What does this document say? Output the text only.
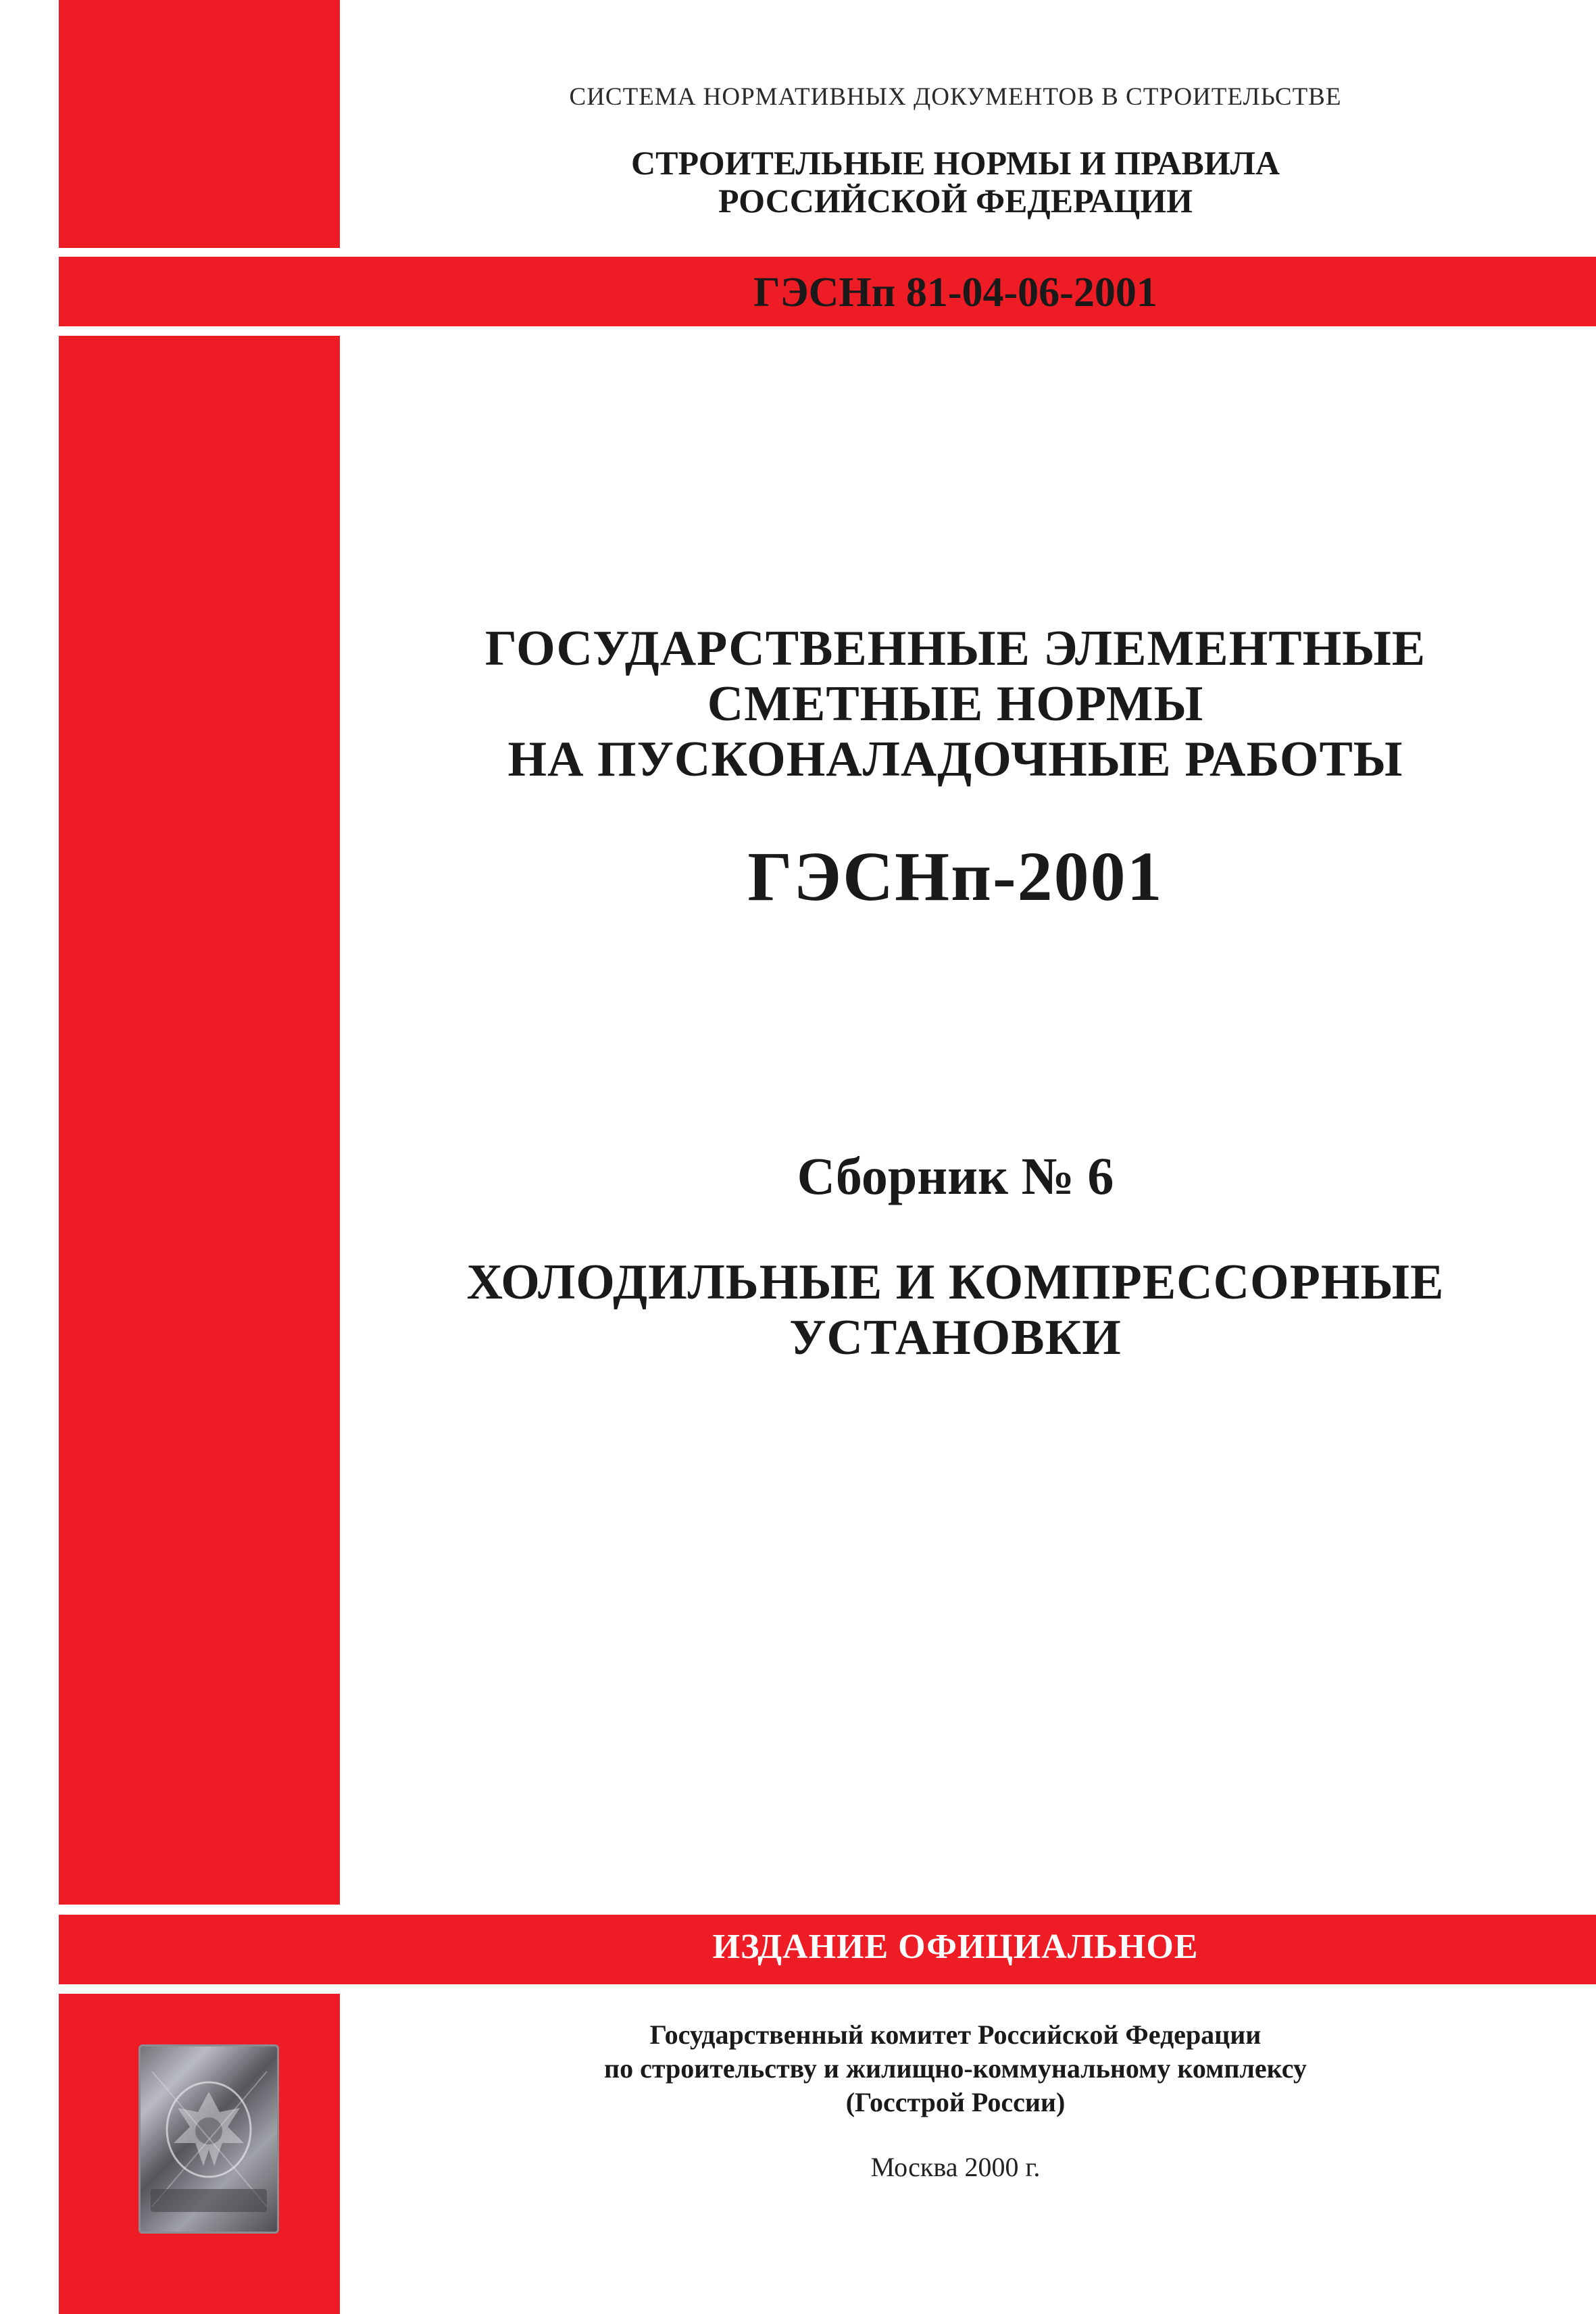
СИСТЕМА НОРМАТИВНЫХ ДОКУМЕНТОВ В СТРОИТЕЛЬСТВЕ

СТРОИТЕЛЬНЫЕ НОРМЫ И ПРАВИЛА

РОССИЙСКОЙ ФЕДЕРАЦИИ

ГЭСНп 81-04-06-2001

ГОСУДАРСТВЕННЫЕ ЭЛЕМЕНТНЫЕ

СМЕТНЫЕ НОРМЫ

НА ПУСКОНАЛАДОЧНЫЕ РАБОТЫ

ГЭСНп-2001

Сборник № 6

ХОЛОДИЛЬНЫЕ И КОМПРЕССОРНЫЕ

УСТАНОВКИ

ИЗДАНИЕ ОФИЦИАЛЬНОЕ

Государственный комитет Российской Федерации

по строительству и жилищно-коммунальному комплексу

(Госстрой России)

Москва 2000 г.
